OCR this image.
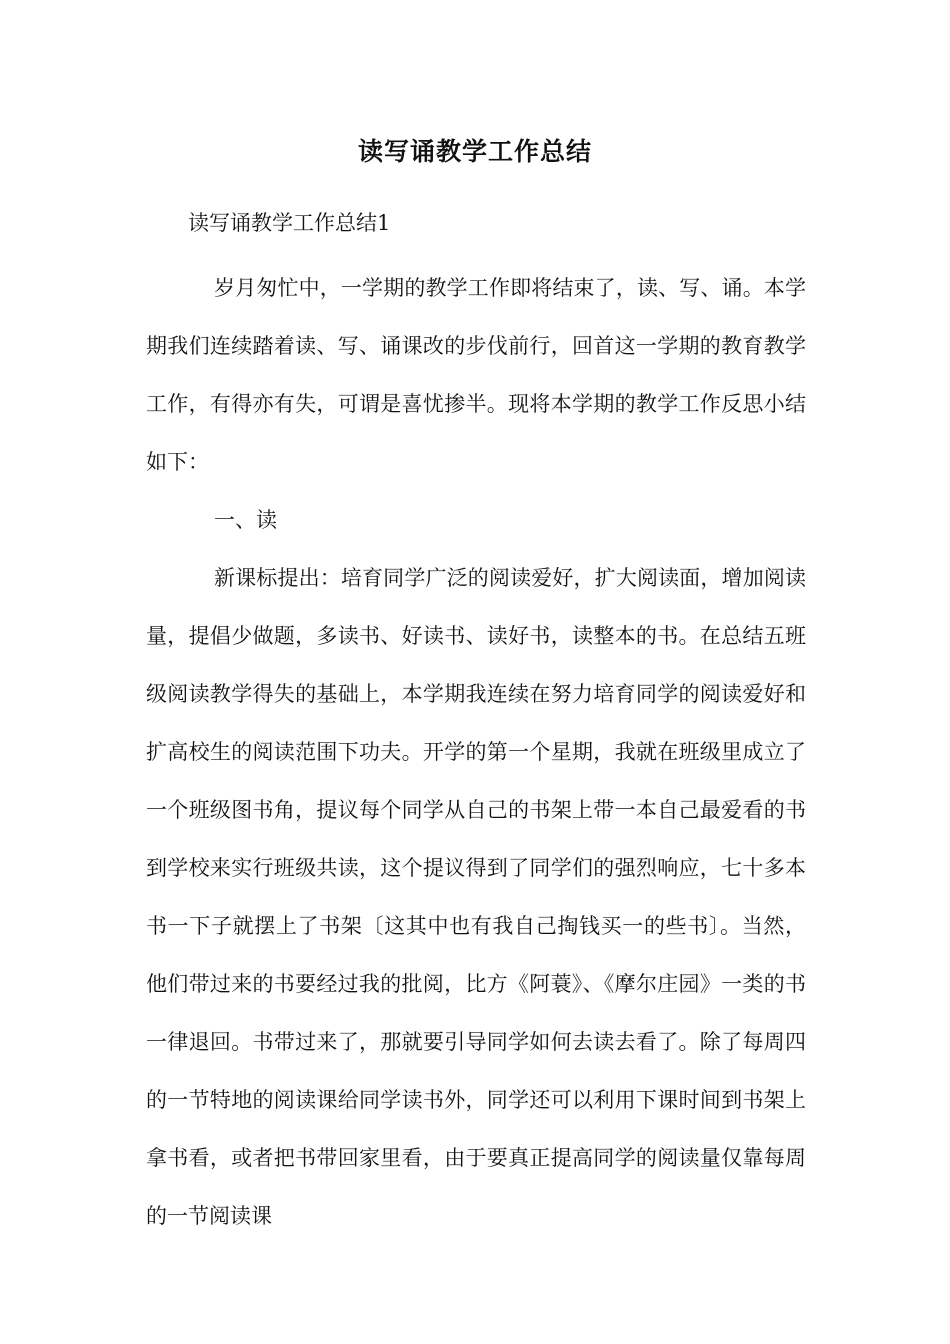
读写诵教学工作总结
读写诵教学工作总结1

岁月匆忙中，一学期的教学工作即将结束了，读、写、诵。本学期我们连续踏着读、写、诵课改的步伐前行，回首这一学期的教育教学工作，有得亦有失，可谓是喜忧掺半。现将本学期的教学工作反思小结如下：

一、读

新课标提出：培育同学广泛的阅读爱好，扩大阅读面，增加阅读量，提倡少做题，多读书、好读书、读好书，读整本的书。在总结五班级阅读教学得失的基础上，本学期我连续在努力培育同学的阅读爱好和扩高校生的阅读范围下功夫。开学的第一个星期，我就在班级里成立了一个班级图书角，提议每个同学从自己的书架上带一本自己最爱看的书到学校来实行班级共读，这个提议得到了同学们的强烈响应，七十多本书一下子就摆上了书架〔这其中也有我自己掏钱买一的些书〕。当然，他们带过来的书要经过我的批阅，比方《阿蓑》、《摩尔庄园》一类的书一律退回。书带过来了，那就要引导同学如何去读去看了。除了每周四的一节特地的阅读课给同学读书外，同学还可以利用下课时间到书架上拿书看，或者把书带回家里看，由于要真正提高同学的阅读量仅靠每周的一节阅读课
